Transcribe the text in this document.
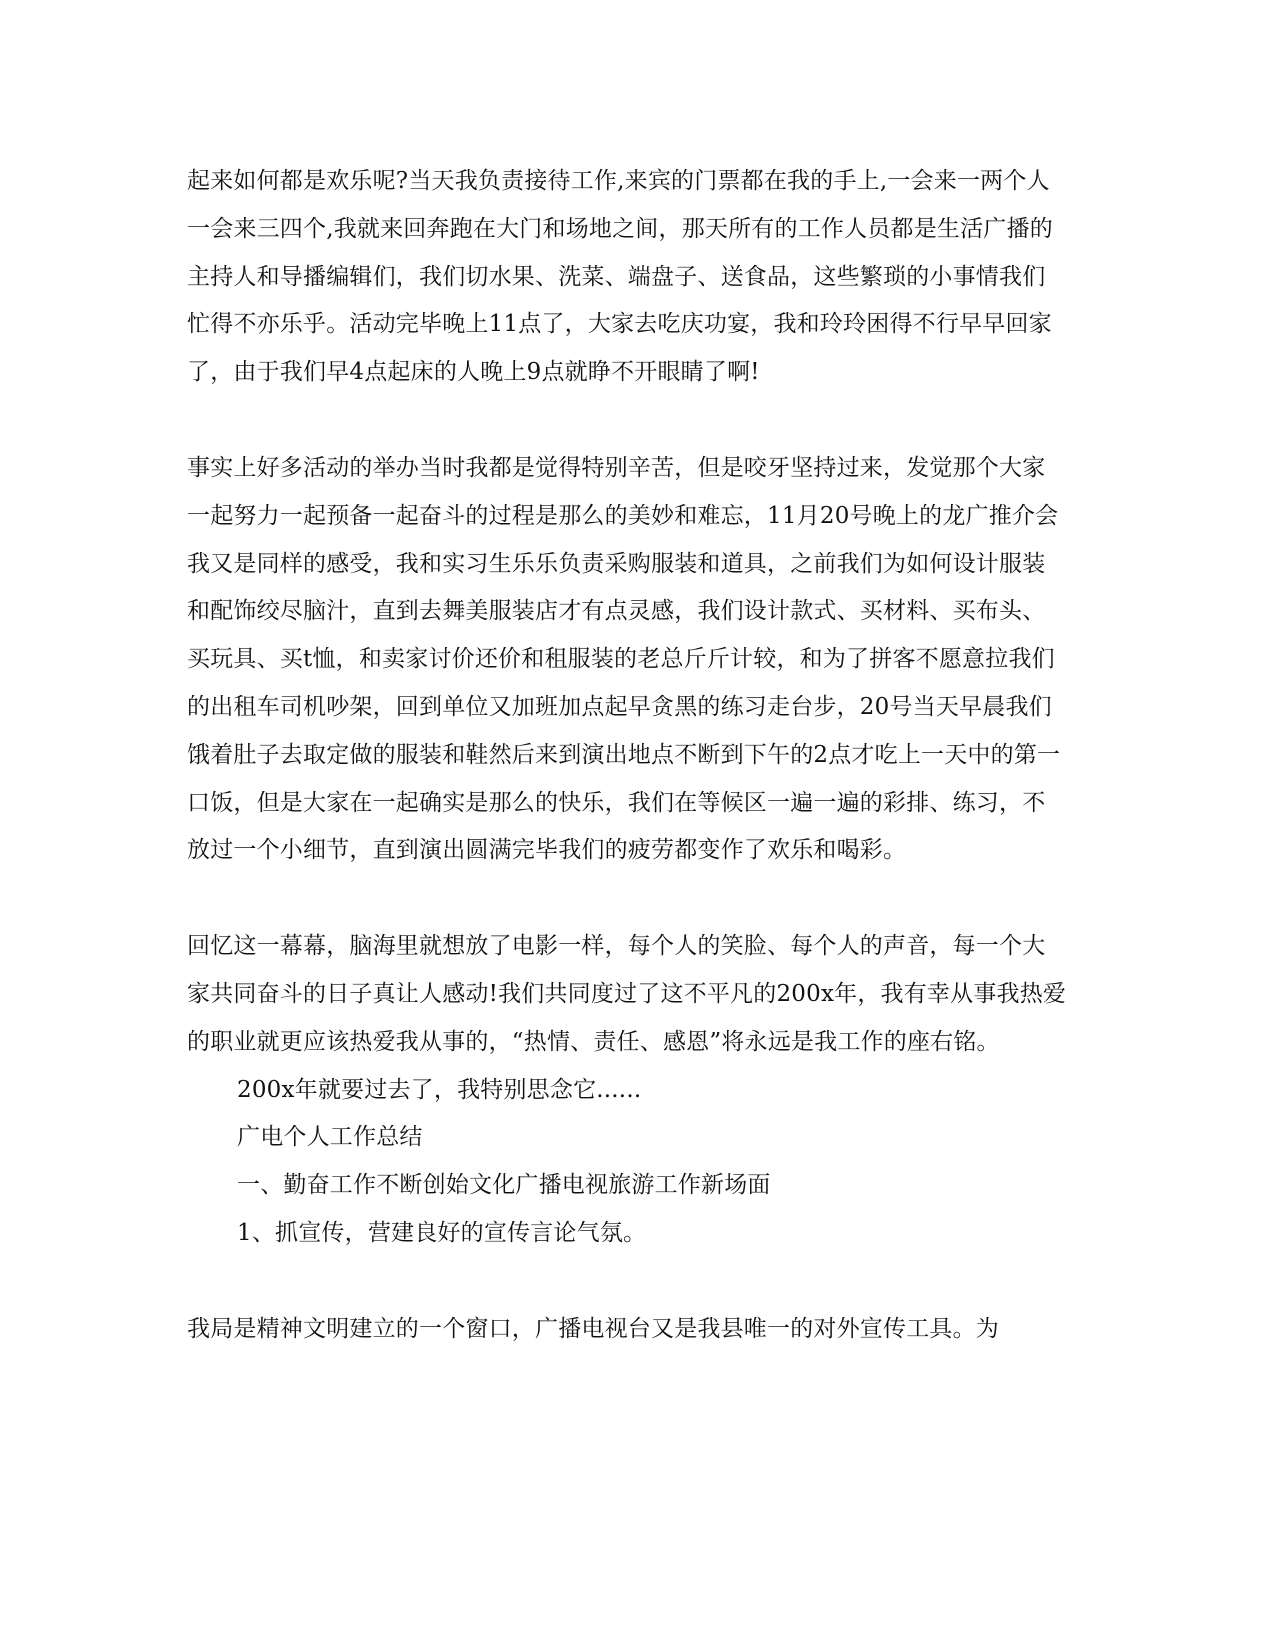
起来如何都是欢乐呢?当天我负责接待工作,来宾的门票都在我的手上,一会来一两个人一会来三四个,我就来回奔跑在大门和场地之间，那天所有的工作人员都是生活广播的主持人和导播编辑们，我们切水果、洗菜、端盘子、送食品，这些繁琐的小事情我们忙得不亦乐乎。活动完毕晚上11点了，大家去吃庆功宴，我和玲玲困得不行早早回家了，由于我们早4点起床的人晚上9点就睁不开眼睛了啊!

事实上好多活动的举办当时我都是觉得特别辛苦，但是咬牙坚持过来，发觉那个大家一起努力一起预备一起奋斗的过程是那么的美妙和难忘，11月20号晚上的龙广推介会我又是同样的感受，我和实习生乐乐负责采购服装和道具，之前我们为如何设计服装和配饰绞尽脑汁，直到去舞美服装店才有点灵感，我们设计款式、买材料、买布头、买玩具、买t恤，和卖家讨价还价和租服装的老总斤斤计较，和为了拼客不愿意拉我们的出租车司机吵架，回到单位又加班加点起早贪黑的练习走台步，20号当天早晨我们饿着肚子去取定做的服装和鞋然后来到演出地点不断到下午的2点才吃上一天中的第一口饭，但是大家在一起确实是那么的快乐，我们在等候区一遍一遍的彩排、练习，不放过一个小细节，直到演出圆满完毕我们的疲劳都变作了欢乐和喝彩。

回忆这一幕幕，脑海里就想放了电影一样，每个人的笑脸、每个人的声音，每一个大家共同奋斗的日子真让人感动!我们共同度过了这不平凡的200x年，我有幸从事我热爱的职业就更应该热爱我从事的，“热情、责任、感恩”将永远是我工作的座右铭。

200x年就要过去了，我特别思念它......

广电个人工作总结

一、勤奋工作不断创始文化广播电视旅游工作新场面

1、抓宣传，营建良好的宣传言论气氛。

我局是精神文明建立的一个窗口，广播电视台又是我县唯一的对外宣传工具。为
